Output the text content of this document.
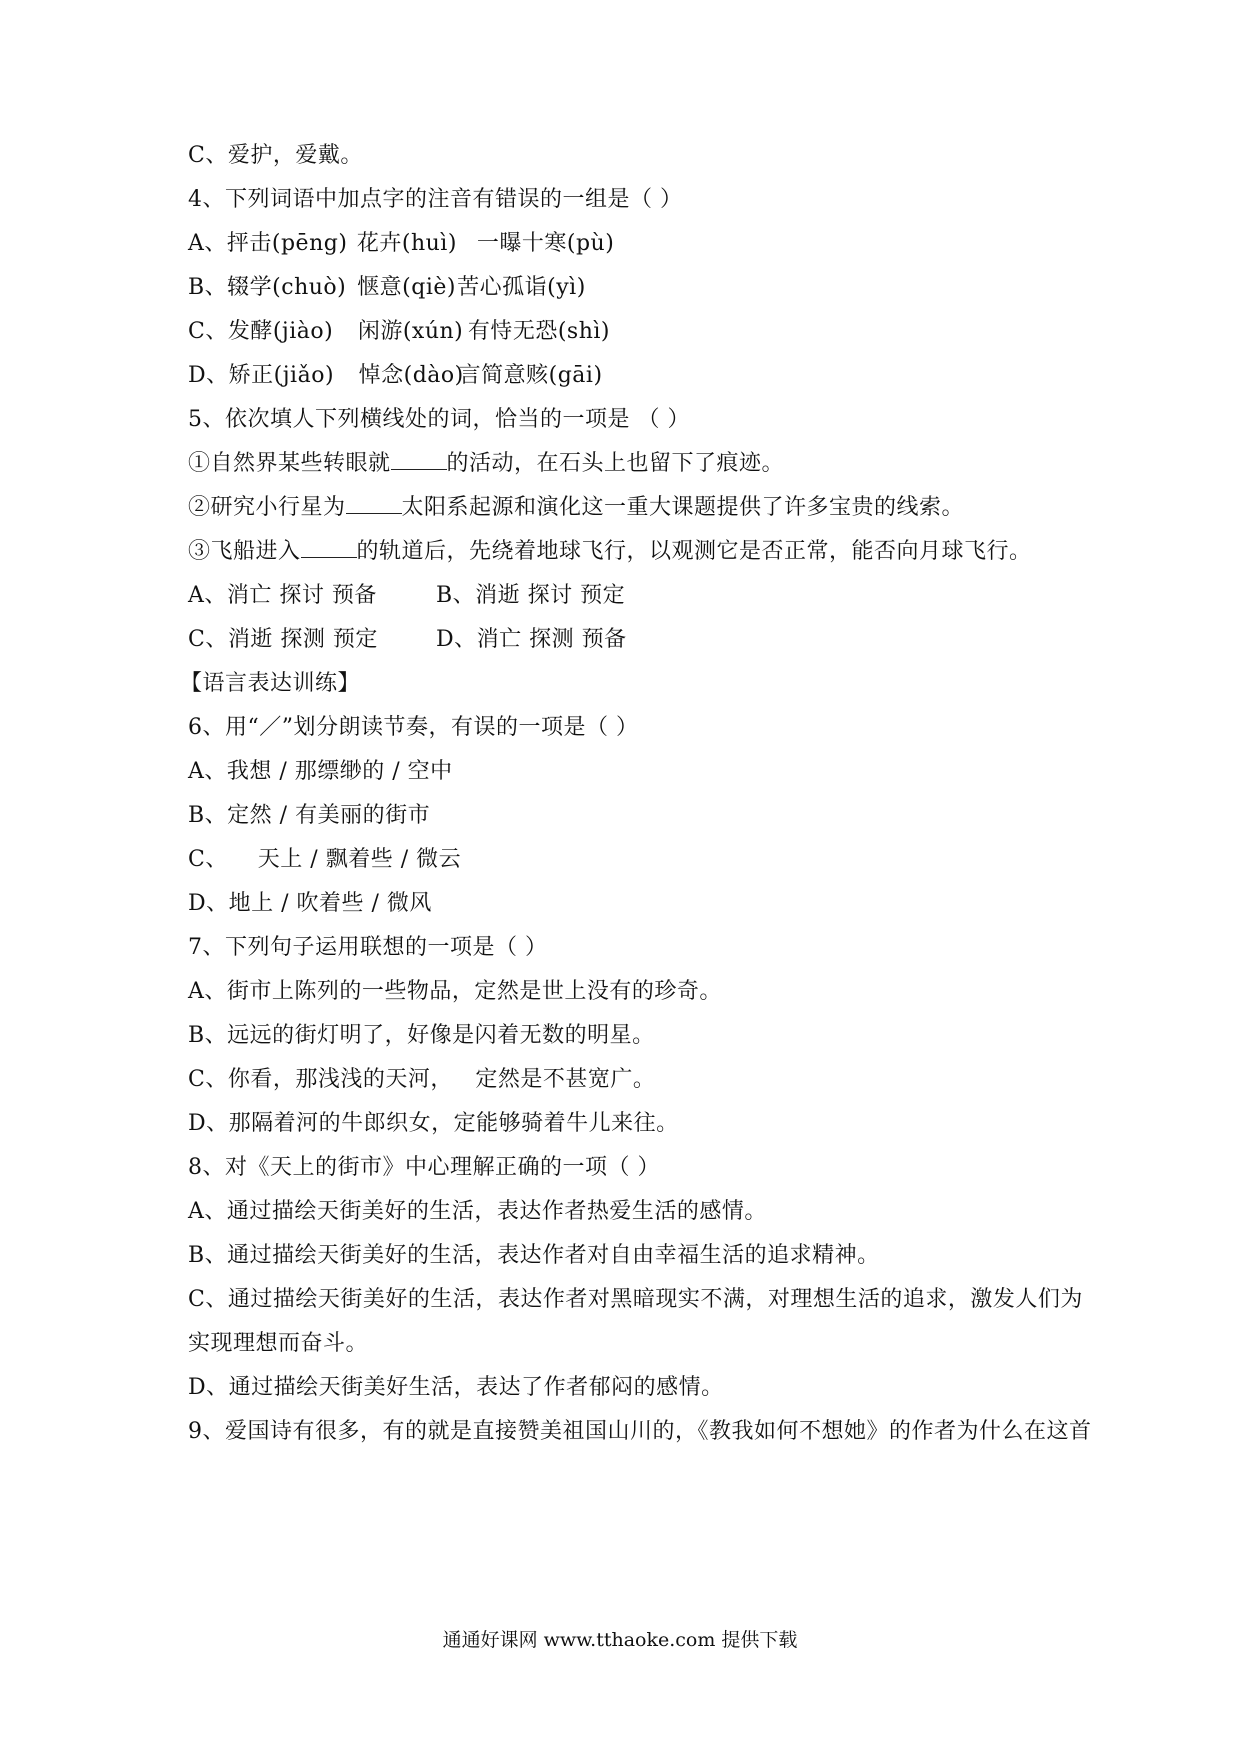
C、爱护，爱戴。

4、下列词语中加点字的注音有错误的一组是（ ）

A、抨击(pēng) 花卉(huì) 一曝十寒(pù)

B、辍学(chuò) 惬意(qiè)苦心孤诣(yì)

C、发酵(jiào) 闲游(xún) 有恃无恐(shì)

D、矫正(jiǎo) 悼念(dào)言简意赅(gāi)

5、依次填人下列横线处的词，恰当的一项是 （ ）

①自然界某些转眼就	的活动，在石头上也留下了痕迹。

②研究小行星为	太阳系起源和演化这一重大课题提供了许多宝贵的线索。

③飞船进入	的轨道后，先绕着地球飞行，以观测它是否正常，能否向月球飞行。

A、消亡 探讨 预备	B、消逝 探讨 预定
C、消逝 探测 预定	D、消亡 探测 预备

【语言表达训练】

6、用“／”划分朗读节奏，有误的一项是（ ）

A、我想 / 那缥缈的 / 空中

B、定然 / 有美丽的街市

C、    天上 / 飘着些 / 微云

D、地上 / 吹着些 / 微风

7、下列句子运用联想的一项是（ ）

A、街市上陈列的一些物品，定然是世上没有的珍奇。

B、远远的街灯明了，好像是闪着无数的明星。

C、你看，那浅浅的天河，   定然是不甚宽广。

D、那隔着河的牛郎织女，定能够骑着牛儿来往。

8、对《天上的街市》中心理解正确的一项（ ）

A、通过描绘天街美好的生活，表达作者热爱生活的感情。

B、通过描绘天街美好的生活，表达作者对自由幸福生活的追求精神。

C、通过描绘天街美好的生活，表达作者对黑暗现实不满，对理想生活的追求，激发人们为

实现理想而奋斗。

D、通过描绘天街美好生活，表达了作者郁闷的感情。

9、爱国诗有很多，有的就是直接赞美祖国山川的，《教我如何不想她》的作者为什么在这首

通通好课网 www.tthaoke.com 提供下载
